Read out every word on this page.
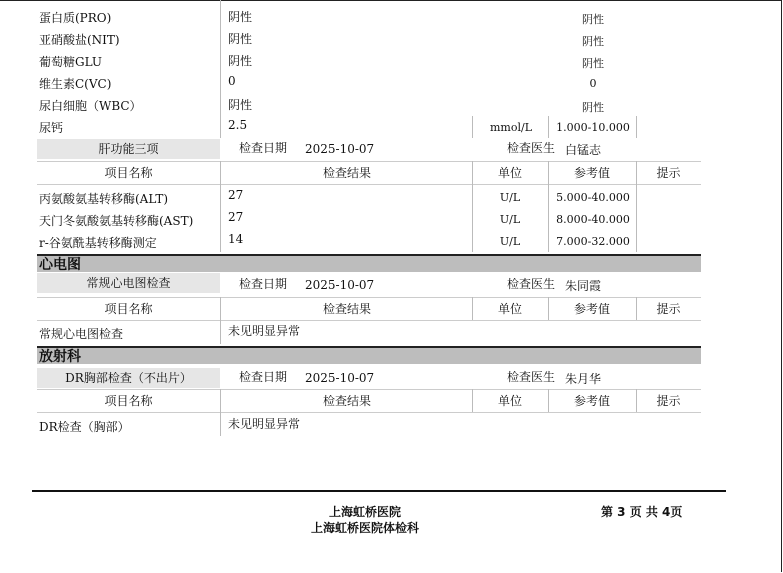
蛋白质(PRO)	阴性	阴性
亚硝酸盐(NIT)	阴性	阴性
葡萄糖GLU	阴性	阴性
维生素C(VC)	0	0
尿白细胞（WBC）	阴性	阴性
尿钙	2.5	mmol/L	1.000-10.000
肝功能三项	检查日期 2025-10-07	检查医生 白锰志
项目名称	检查结果	单位	参考值	提示
丙氨酸氨基转移酶(ALT)	27	U/L	5.000-40.000
天门冬氨酸氨基转移酶(AST)	27	U/L	8.000-40.000
r-谷氨酰基转移酶测定	14	U/L	7.000-32.000
心电图
常规心电图检查	检查日期 2025-10-07	检查医生 朱同霞
项目名称	检查结果	单位	参考值	提示
常规心电图检查	未见明显异常
放射科
DR胸部检查（不出片）	检查日期 2025-10-07	检查医生 朱月华
项目名称	检查结果	单位	参考值	提示
DR检查（胸部）	未见明显异常
上海虹桥医院
上海虹桥医院体检科
第 3 页 共 4页
